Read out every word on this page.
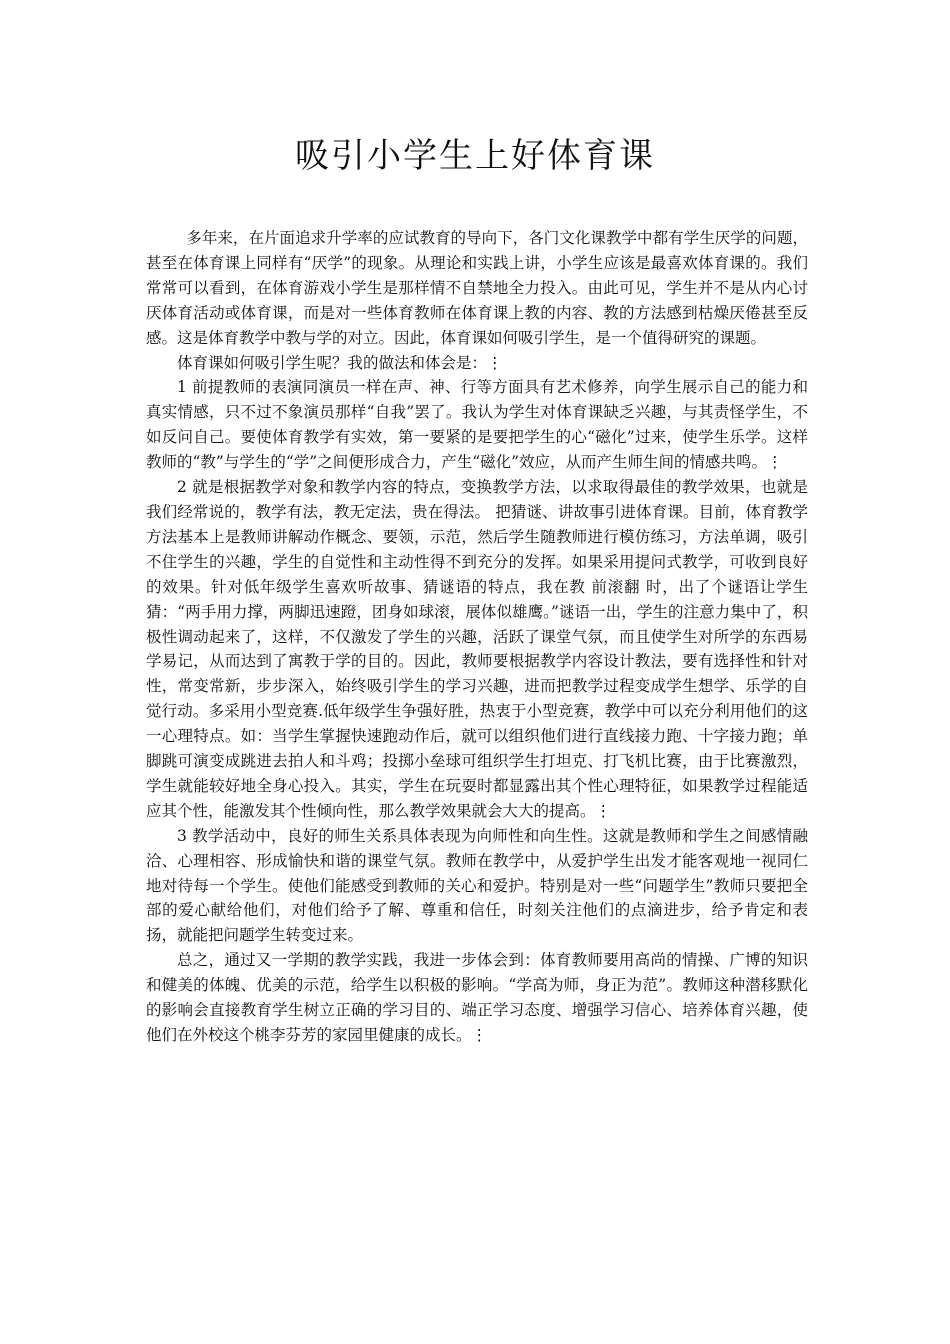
吸引小学生上好体育课

多年来，在片面追求升学率的应试教育的导向下，各门文化课教学中都有学生厌学的问题，甚至在体育课上同样有“厌学”的现象。从理论和实践上讲，小学生应该是最喜欢体育课的。我们常常可以看到，在体育游戏小学生是那样情不自禁地全力投入。由此可见，学生并不是从内心讨厌体育活动或体育课，而是对一些体育教师在体育课上教的内容、教的方法感到枯燥厌倦甚至反感。这是体育教学中教与学的对立。因此，体育课如何吸引学生，是一个值得研究的课题。

体育课如何吸引学生呢？我的做法和体会是：⋮

1 前提教师的表演同演员一样在声、神、行等方面具有艺术修养，向学生展示自己的能力和真实情感，只不过不象演员那样“自我”罢了。我认为学生对体育课缺乏兴趣，与其责怪学生，不如反问自己。要使体育教学有实效，第一要紧的是要把学生的心“磁化”过来，使学生乐学。这样教师的“教”与学生的“学”之间便形成合力，产生“磁化”效应，从而产生师生间的情感共鸣。⋮

2 就是根据教学对象和教学内容的特点，变换教学方法，以求取得最佳的教学效果，也就是我们经常说的，教学有法，教无定法，贵在得法。 把猜谜、讲故事引进体育课。目前，体育教学方法基本上是教师讲解动作概念、要领，示范，然后学生随教师进行模仿练习，方法单调，吸引不住学生的兴趣，学生的自觉性和主动性得不到充分的发挥。如果采用提问式教学，可收到良好的效果。针对低年级学生喜欢听故事、猜谜语的特点，我在教 前滚翻 时，出了个谜语让学生猜：“两手用力撑，两脚迅速蹬，团身如球滚，展体似雄鹰。”谜语一出，学生的注意力集中了，积极性调动起来了，这样，不仅激发了学生的兴趣，活跃了课堂气氛，而且使学生对所学的东西易学易记，从而达到了寓教于学的目的。因此，教师要根据教学内容设计教法，要有选择性和针对性，常变常新，步步深入，始终吸引学生的学习兴趣，进而把教学过程变成学生想学、乐学的自觉行动。多采用小型竞赛.低年级学生争强好胜，热衷于小型竞赛，教学中可以充分利用他们的这一心理特点。如：当学生掌握快速跑动作后，就可以组织他们进行直线接力跑、十字接力跑；单脚跳可演变成跳进去拍人和斗鸡；投掷小垒球可组织学生打坦克、打飞机比赛，由于比赛激烈，学生就能较好地全身心投入。其实，学生在玩耍时都显露出其个性心理特征，如果教学过程能适应其个性，能激发其个性倾向性，那么教学效果就会大大的提高。⋮

3 教学活动中，良好的师生关系具体表现为向师性和向生性。这就是教师和学生之间感情融洽、心理相容、形成愉快和谐的课堂气氛。教师在教学中，从爱护学生出发才能客观地一视同仁地对待每一个学生。使他们能感受到教师的关心和爱护。特别是对一些“问题学生”教师只要把全部的爱心献给他们，对他们给予了解、尊重和信任，时刻关注他们的点滴进步，给予肯定和表扬，就能把问题学生转变过来。

总之，通过又一学期的教学实践，我进一步体会到：体育教师要用高尚的情操、广博的知识和健美的体魄、优美的示范，给学生以积极的影响。“学高为师，身正为范”。教师这种潜移默化的影响会直接教育学生树立正确的学习目的、端正学习态度、增强学习信心、培养体育兴趣，使他们在外校这个桃李芬芳的家园里健康的成长。⋮
